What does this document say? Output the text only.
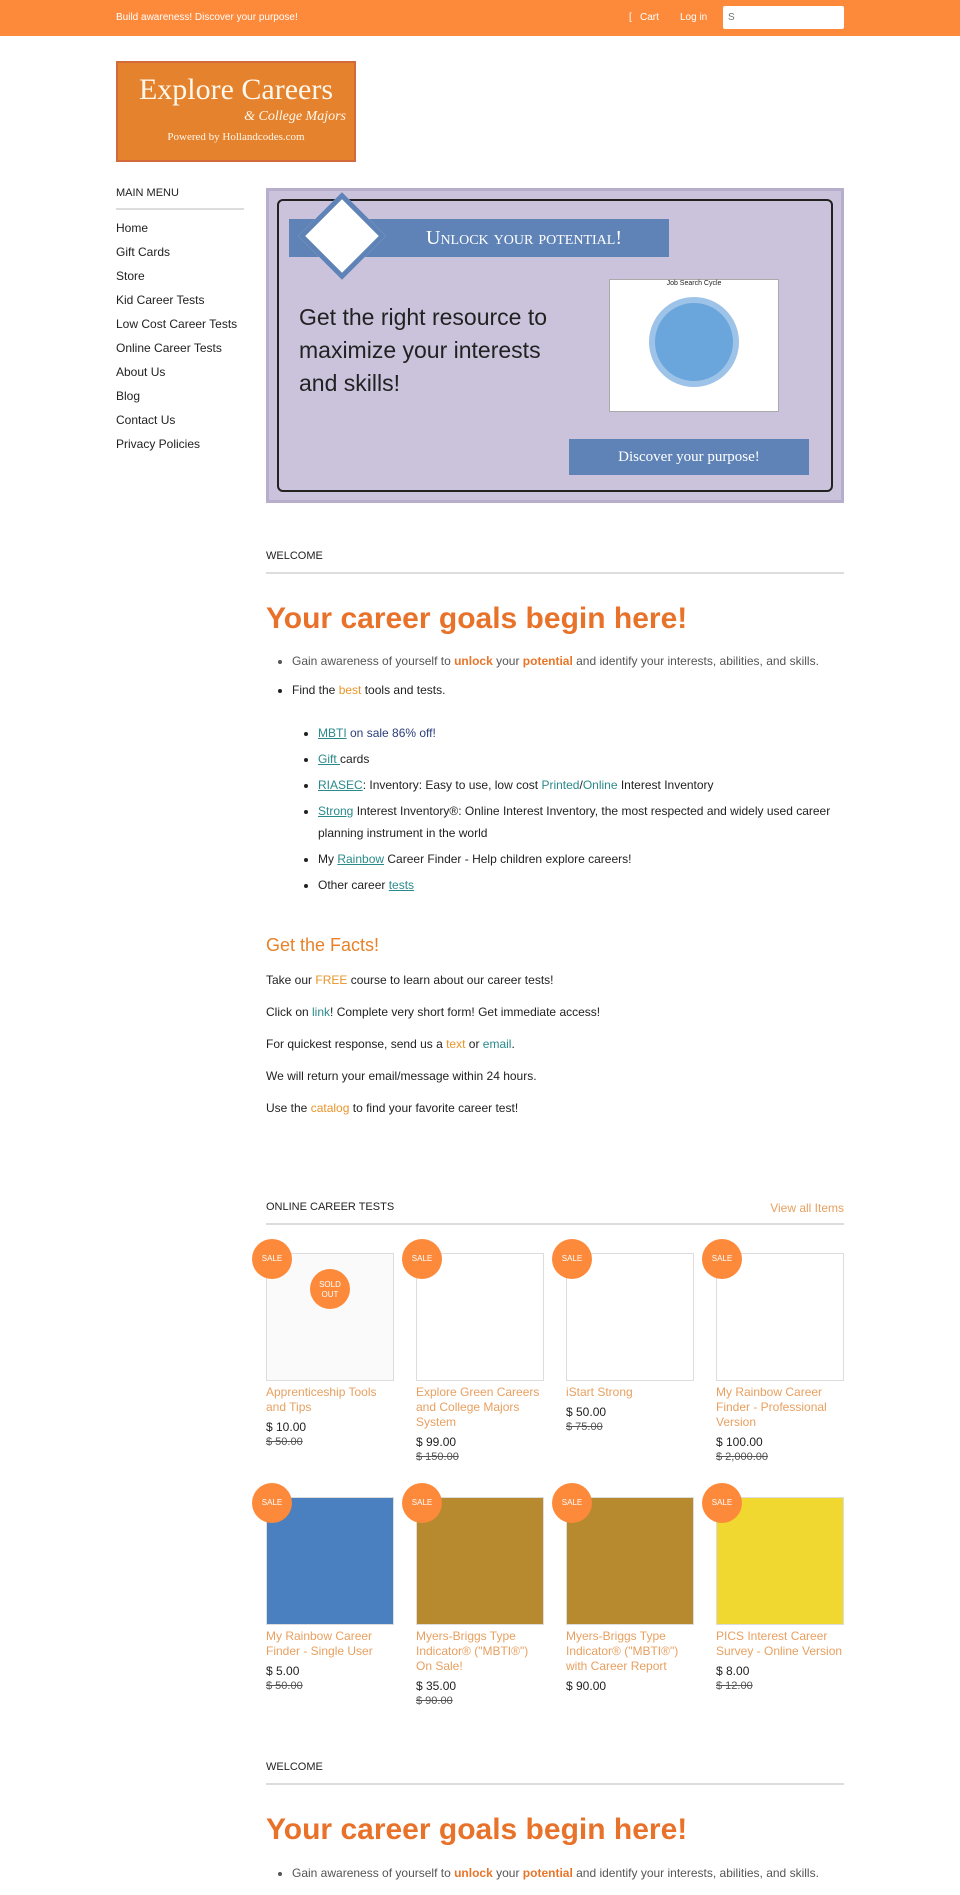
Build awareness! Discover your purpose!	[ Cart Log in
S
Explore Careers
& College Majors
Powered by Hollandcodes.com
MAIN MENU
Home
Gift Cards
Store
Kid Career Tests
Low Cost Career Tests
Online Career Tests
About Us
Blog
Contact Us
Privacy Policies
Unlock your potential!
Get the right resource to maximize your interests and skills!
Job Search Cycle
Discover your purpose!
WELCOME
Your career goals begin here!
• Gain awareness of yourself to unlock your potential and identify your interests, abilities, and skills.
• Find the best tools and tests.
• MBTI on sale 86% off!
• Gift cards
• RIASEC: Inventory: Easy to use, low cost Printed/Online Interest Inventory
• Strong Interest Inventory®: Online Interest Inventory, the most respected and widely used career planning instrument in the world
• My Rainbow Career Finder - Help children explore careers!
• Other career tests
Get the Facts!

Take our FREE course to learn about our career tests!

Click on link! Complete very short form! Get immediate access!

For quickest response, send us a text or email.

We will return your email/message within 24 hours.

Use the catalog to find your favorite career test!

ONLINE CAREER TESTS	View all Items
SALE
SOLD OUT
Apprenticeship Tools and Tips
$ 10.00
$ 50.00
SALE
Explore Green Careers and College Majors System
$ 99.00
$ 150.00
SALE
iStart Strong
$ 50.00
$ 75.00
SALE
My Rainbow Career Finder - Professional Version
$ 100.00
$ 2,000.00
SALE
My Rainbow Career Finder - Single User
$ 5.00
$ 50.00
SALE
Myers-Briggs Type Indicator® ("MBTI®") On Sale!
$ 35.00
$ 90.00
SALE
Myers-Briggs Type Indicator® ("MBTI®") with Career Report
$ 90.00
SALE
PICS Interest Career Survey - Online Version
$ 8.00
$ 12.00
WELCOME
Your career goals begin here!
• Gain awareness of yourself to unlock your potential and identify your interests, abilities, and skills.
